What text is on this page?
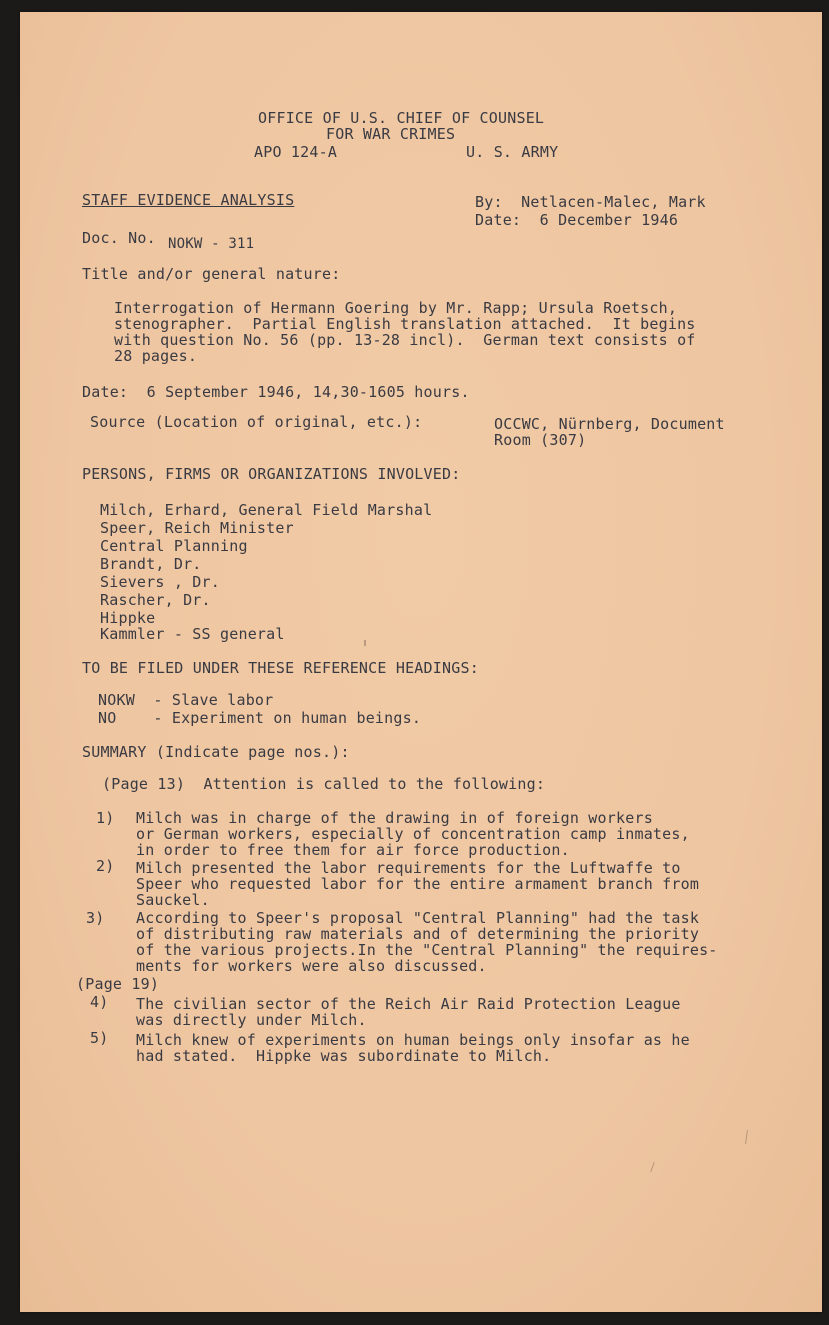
OFFICE OF U.S. CHIEF OF COUNSEL
FOR WAR CRIMES
APO 124-A	U. S. ARMY
STAFF EVIDENCE ANALYSIS	By:  Netlacen-Malec, Mark
Date:  6 December 1946
Doc. No. NOKW - 311
Title and/or general nature:
Interrogation of Hermann Goering by Mr. Rapp; Ursula Roetsch,
stenographer.  Partial English translation attached.  It begins
with question No. 56 (pp. 13-28 incl).  German text consists of
28 pages.
Date:  6 September 1946, 14,30-1605 hours.
Source (Location of original, etc.):	OCCWC, Nürnberg, Document
Room (307)
PERSONS, FIRMS OR ORGANIZATIONS INVOLVED:
Milch, Erhard, General Field Marshal
Speer, Reich Minister
Central Planning
Brandt, Dr.
Sievers , Dr.
Rascher, Dr.
Hippke
Kammler - SS general
TO BE FILED UNDER THESE REFERENCE HEADINGS:
NOKW  - Slave labor
NO    - Experiment on human beings.
SUMMARY (Indicate page nos.):
(Page 13)  Attention is called to the following:
1) Milch was in charge of the drawing in of foreign workers
or German workers, especially of concentration camp inmates,
in order to free them for air force production.
2) Milch presented the labor requirements for the Luftwaffe to
Speer who requested labor for the entire armament branch from
Sauckel.
3) According to Speer's proposal "Central Planning" had the task
of distributing raw materials and of determining the priority
of the various projects.In the "Central Planning" the requires-
ments for workers were also discussed.
(Page 19)
4) The civilian sector of the Reich Air Raid Protection League
was directly under Milch.
5) Milch knew of experiments on human beings only insofar as he
had stated.  Hippke was subordinate to Milch.
